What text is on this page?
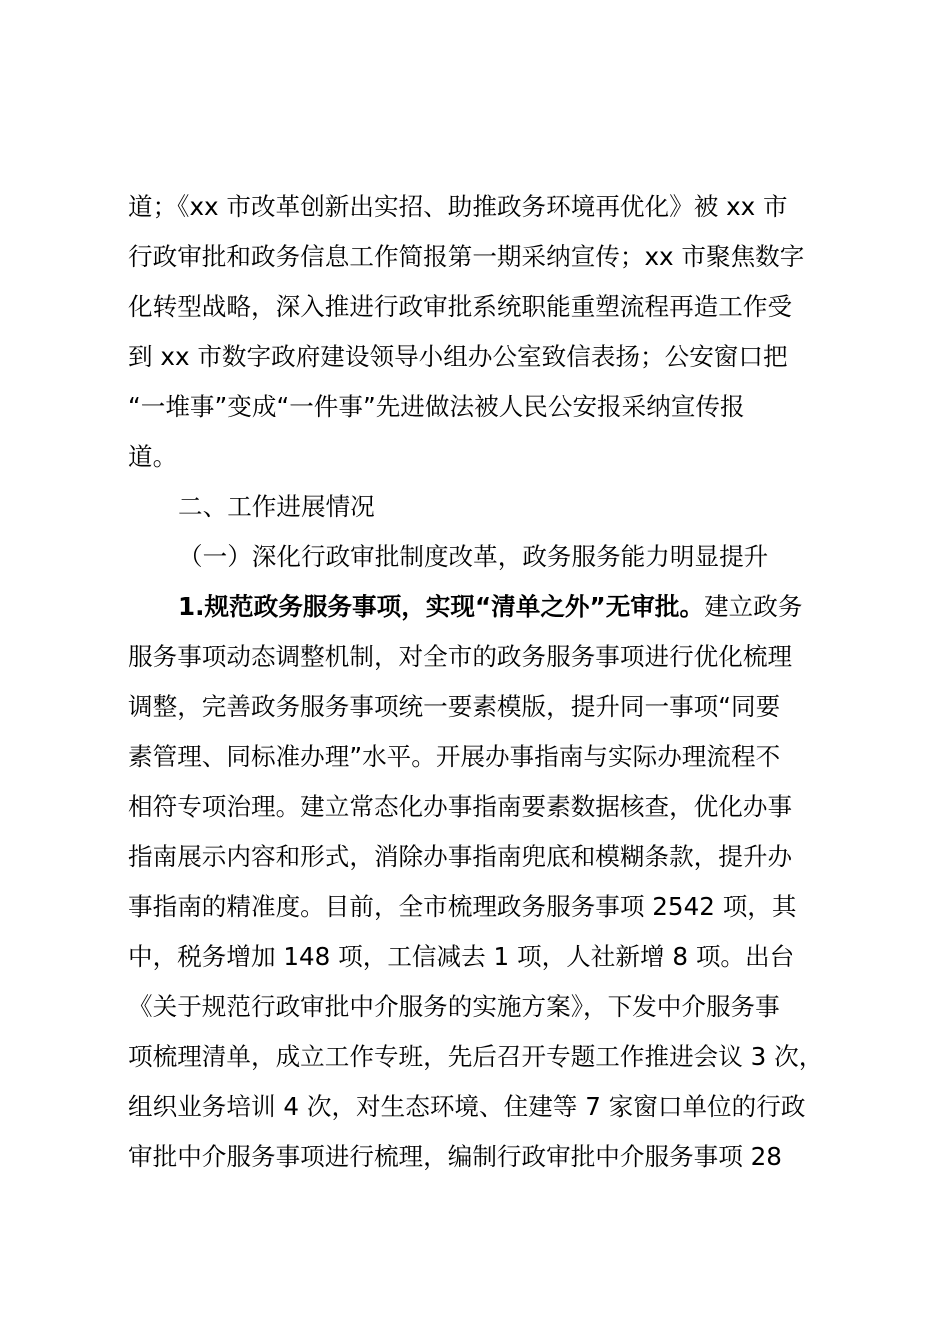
道；《xx 市改革创新出实招、助推政务环境再优化》被 xx 市
行政审批和政务信息工作简报第一期采纳宣传；xx 市聚焦数字
化转型战略，深入推进行政审批系统职能重塑流程再造工作受
到 xx 市数字政府建设领导小组办公室致信表扬；公安窗口把
“一堆事”变成“一件事”先进做法被人民公安报采纳宣传报
道。
二、工作进展情况
（一）深化行政审批制度改革，政务服务能力明显提升
1.规范政务服务事项，实现“清单之外”无审批。建立政务
服务事项动态调整机制，对全市的政务服务事项进行优化梳理
调整，完善政务服务事项统一要素模版，提升同一事项“同要
素管理、同标准办理”水平。开展办事指南与实际办理流程不
相符专项治理。建立常态化办事指南要素数据核查，优化办事
指南展示内容和形式，消除办事指南兜底和模糊条款，提升办
事指南的精准度。目前，全市梳理政务服务事项 2542 项，其
中，税务增加 148 项，工信减去 1 项，人社新增 8 项。出台
《关于规范行政审批中介服务的实施方案》，下发中介服务事
项梳理清单，成立工作专班，先后召开专题工作推进会议 3 次，
组织业务培训 4 次，对生态环境、住建等 7 家窗口单位的行政
审批中介服务事项进行梳理，编制行政审批中介服务事项 28
